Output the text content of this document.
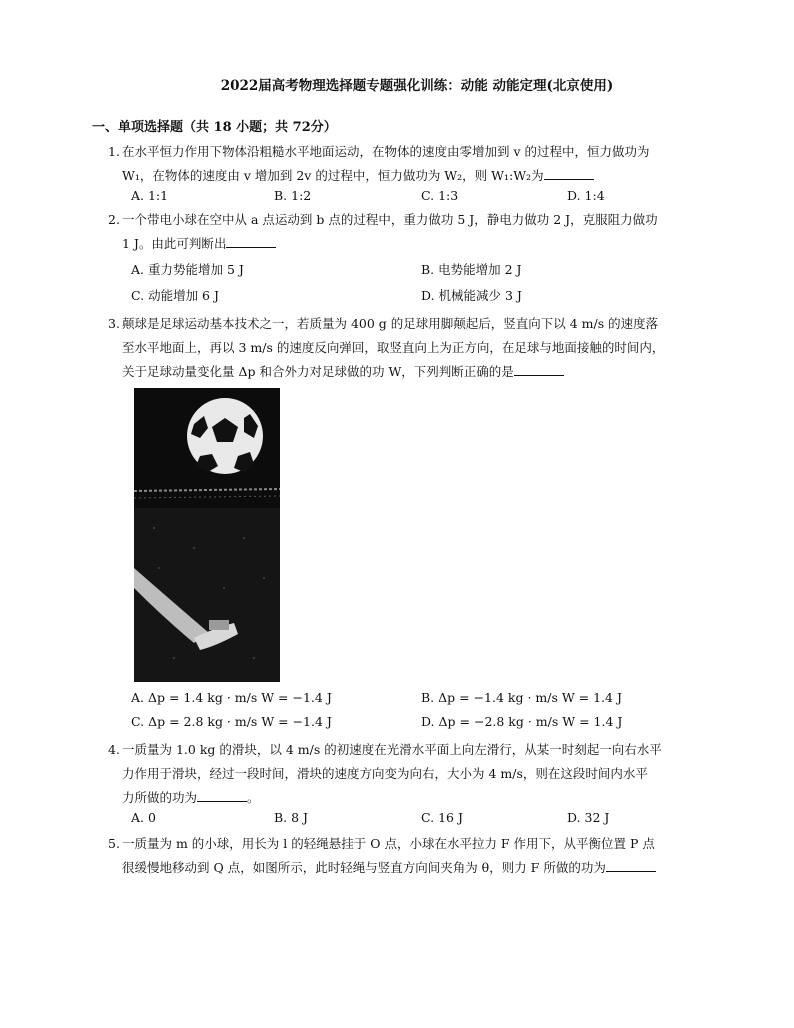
2022届高考物理选择题专题强化训练：动能 动能定理(北京使用)
一、单项选择题（共 18 小题；共 72分）
1. 在水平恒力作用下物体沿粗糙水平地面运动，在物体的速度由零增加到 v 的过程中，恒力做功为
W₁，在物体的速度由 v 增加到 2v 的过程中，恒力做功为 W₂，则 W₁:W₂为
A. 1:1	B. 1:2	C. 1:3	D. 1:4
2. 一个带电小球在空中从 a 点运动到 b 点的过程中，重力做功 5 J，静电力做功 2 J，克服阻力做功
1 J。由此可判断出
A. 重力势能增加 5 J	B. 电势能增加 2 J
C. 动能增加 6 J	D. 机械能减少 3 J
3. 颠球是足球运动基本技术之一，若质量为 400 g 的足球用脚颠起后，竖直向下以 4 m/s 的速度落
至水平地面上，再以 3 m/s 的速度反向弹回，取竖直向上为正方向，在足球与地面接触的时间内，
关于足球动量变化量 Δp 和合外力对足球做的功 W，下列判断正确的是
A. Δp = 1.4 kg · m/s W = −1.4 J	B. Δp = −1.4 kg · m/s W = 1.4 J
C. Δp = 2.8 kg · m/s W = −1.4 J	D. Δp = −2.8 kg · m/s W = 1.4 J
4. 一质量为 1.0 kg 的滑块，以 4 m/s 的初速度在光滑水平面上向左滑行，从某一时刻起一向右水平
力作用于滑块，经过一段时间，滑块的速度方向变为向右，大小为 4 m/s，则在这段时间内水平
力所做的功为	。
A. 0	B. 8 J	C. 16 J	D. 32 J
5. 一质量为 m 的小球，用长为 l 的轻绳悬挂于 O 点，小球在水平拉力 F 作用下，从平衡位置 P 点
很缓慢地移动到 Q 点，如图所示，此时轻绳与竖直方向间夹角为 θ，则力 F 所做的功为
